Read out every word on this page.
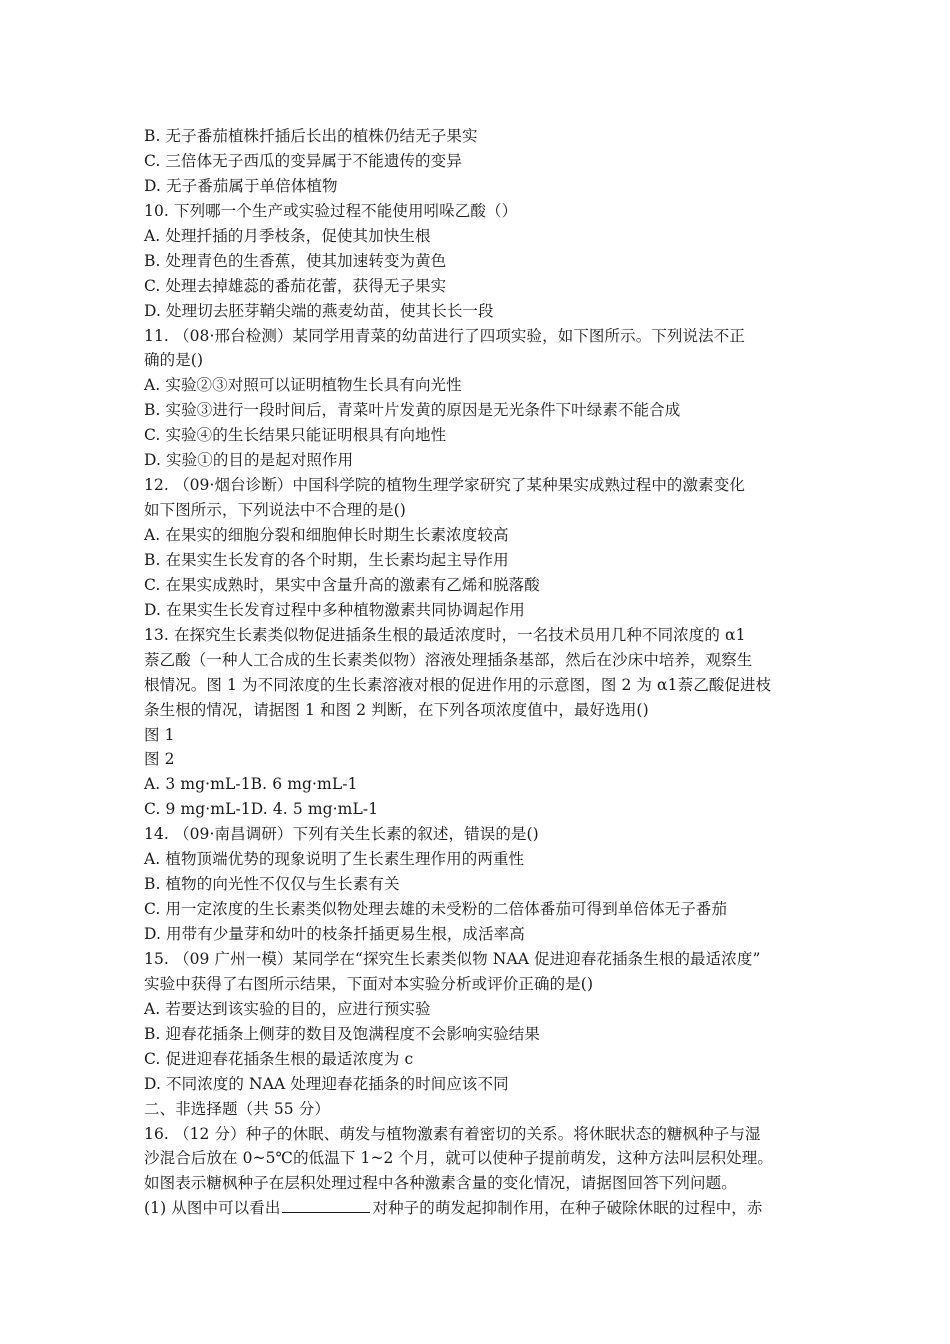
B. 无子番茄植株扦插后长出的植株仍结无子果实
C. 三倍体无子西瓜的变异属于不能遗传的变异
D. 无子番茄属于单倍体植物
10. 下列哪一个生产或实验过程不能使用吲哚乙酸（）
A. 处理扦插的月季枝条，促使其加快生根
B. 处理青色的生香蕉，使其加速转变为黄色
C. 处理去掉雄蕊的番茄花蕾，获得无子果实
D. 处理切去胚芽鞘尖端的燕麦幼苗，使其长长一段
11. （08·邢台检测）某同学用青菜的幼苗进行了四项实验，如下图所示。下列说法不正
确的是()
A. 实验②③对照可以证明植物生长具有向光性
B. 实验③进行一段时间后，青菜叶片发黄的原因是无光条件下叶绿素不能合成
C. 实验④的生长结果只能证明根具有向地性
D. 实验①的目的是起对照作用
12. （09·烟台诊断）中国科学院的植物生理学家研究了某种果实成熟过程中的激素变化
如下图所示，下列说法中不合理的是()
A. 在果实的细胞分裂和细胞伸长时期生长素浓度较高
B. 在果实生长发育的各个时期，生长素均起主导作用
C. 在果实成熟时，果实中含量升高的激素有乙烯和脱落酸
D. 在果实生长发育过程中多种植物激素共同协调起作用
13. 在探究生长素类似物促进插条生根的最适浓度时，一名技术员用几种不同浓度的 α1
萘乙酸（一种人工合成的生长素类似物）溶液处理插条基部，然后在沙床中培养，观察生
根情况。图 1 为不同浓度的生长素溶液对根的促进作用的示意图，图 2 为 α1萘乙酸促进枝
条生根的情况，请据图 1 和图 2 判断，在下列各项浓度值中，最好选用()
图 1
图 2
A. 3 mg·mL-1B. 6 mg·mL-1
C. 9 mg·mL-1D. 4. 5 mg·mL-1
14. （09·南昌调研）下列有关生长素的叙述，错误的是()
A. 植物顶端优势的现象说明了生长素生理作用的两重性
B. 植物的向光性不仅仅与生长素有关
C. 用一定浓度的生长素类似物处理去雄的未受粉的二倍体番茄可得到单倍体无子番茄
D. 用带有少量芽和幼叶的枝条扦插更易生根，成活率高
15. （09 广州一模）某同学在“探究生长素类似物 NAA 促进迎春花插条生根的最适浓度”
实验中获得了右图所示结果，下面对本实验分析或评价正确的是()
A. 若要达到该实验的目的，应进行预实验
B. 迎春花插条上侧芽的数目及饱满程度不会影响实验结果
C. 促进迎春花插条生根的最适浓度为 c
D. 不同浓度的 NAA 处理迎春花插条的时间应该不同
二、非选择题（共 55 分）
16. （12 分）种子的休眠、萌发与植物激素有着密切的关系。将休眠状态的糖枫种子与湿
沙混合后放在 0~5℃的低温下 1~2 个月，就可以使种子提前萌发，这种方法叫层积处理。
如图表示糖枫种子在层积处理过程中各种激素含量的变化情况，请据图回答下列问题。
(1) 从图中可以看出	对种子的萌发起抑制作用，在种子破除休眠的过程中，赤
